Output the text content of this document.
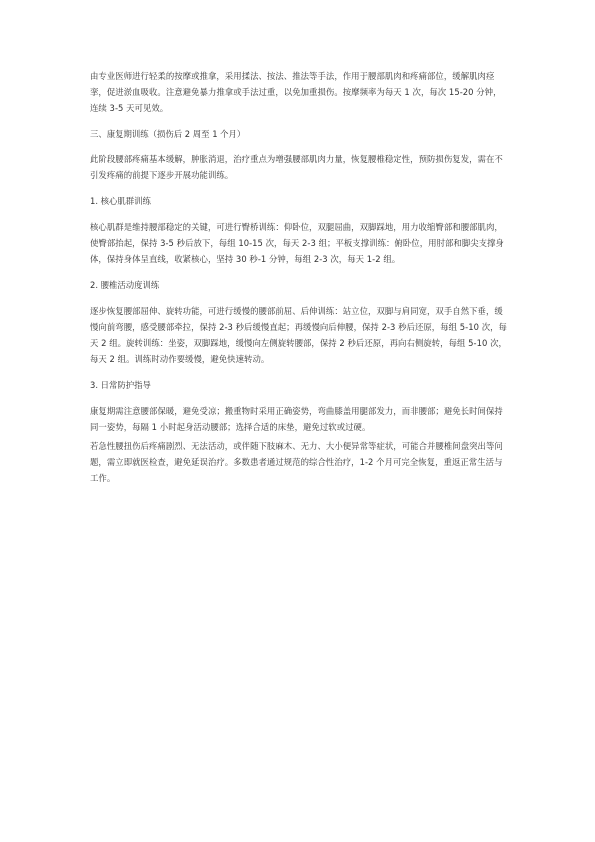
由专业医师进行轻柔的按摩或推拿，采用揉法、按法、推法等手法，作用于腰部肌肉和疼痛部位，缓解肌肉痉挛，促进淤血吸收。注意避免暴力推拿或手法过重，以免加重损伤。按摩频率为每天 1 次，每次 15-20 分钟，连续 3-5 天可见效。

三、康复期训练（损伤后 2 周至 1 个月）

此阶段腰部疼痛基本缓解，肿胀消退，治疗重点为增强腰部肌肉力量，恢复腰椎稳定性，预防损伤复发，需在不引发疼痛的前提下逐步开展功能训练。

1. 核心肌群训练

核心肌群是维持腰部稳定的关键，可进行臀桥训练：仰卧位，双腿屈曲，双脚踩地，用力收缩臀部和腰部肌肉，使臀部抬起，保持 3-5 秒后放下，每组 10-15 次，每天 2-3 组；平板支撑训练：俯卧位，用肘部和脚尖支撑身体，保持身体呈直线，收紧核心，坚持 30 秒-1 分钟，每组 2-3 次，每天 1-2 组。

2. 腰椎活动度训练

逐步恢复腰部屈伸、旋转功能，可进行缓慢的腰部前屈、后伸训练：站立位，双脚与肩同宽，双手自然下垂，缓慢向前弯腰，感受腰部牵拉，保持 2-3 秒后缓慢直起；再缓慢向后伸腰，保持 2-3 秒后还原，每组 5-10 次，每天 2 组。旋转训练：坐姿，双脚踩地，缓慢向左侧旋转腰部，保持 2 秒后还原，再向右侧旋转，每组 5-10 次，每天 2 组。训练时动作要缓慢，避免快速转动。

3. 日常防护指导

康复期需注意腰部保暖，避免受凉；搬重物时采用正确姿势，弯曲膝盖用腿部发力，而非腰部；避免长时间保持同一姿势，每隔 1 小时起身活动腰部；选择合适的床垫，避免过软或过硬。

若急性腰扭伤后疼痛剧烈、无法活动，或伴随下肢麻木、无力、大小便异常等症状，可能合并腰椎间盘突出等问题，需立即就医检查，避免延误治疗。多数患者通过规范的综合性治疗，1-2 个月可完全恢复，重返正常生活与工作。
